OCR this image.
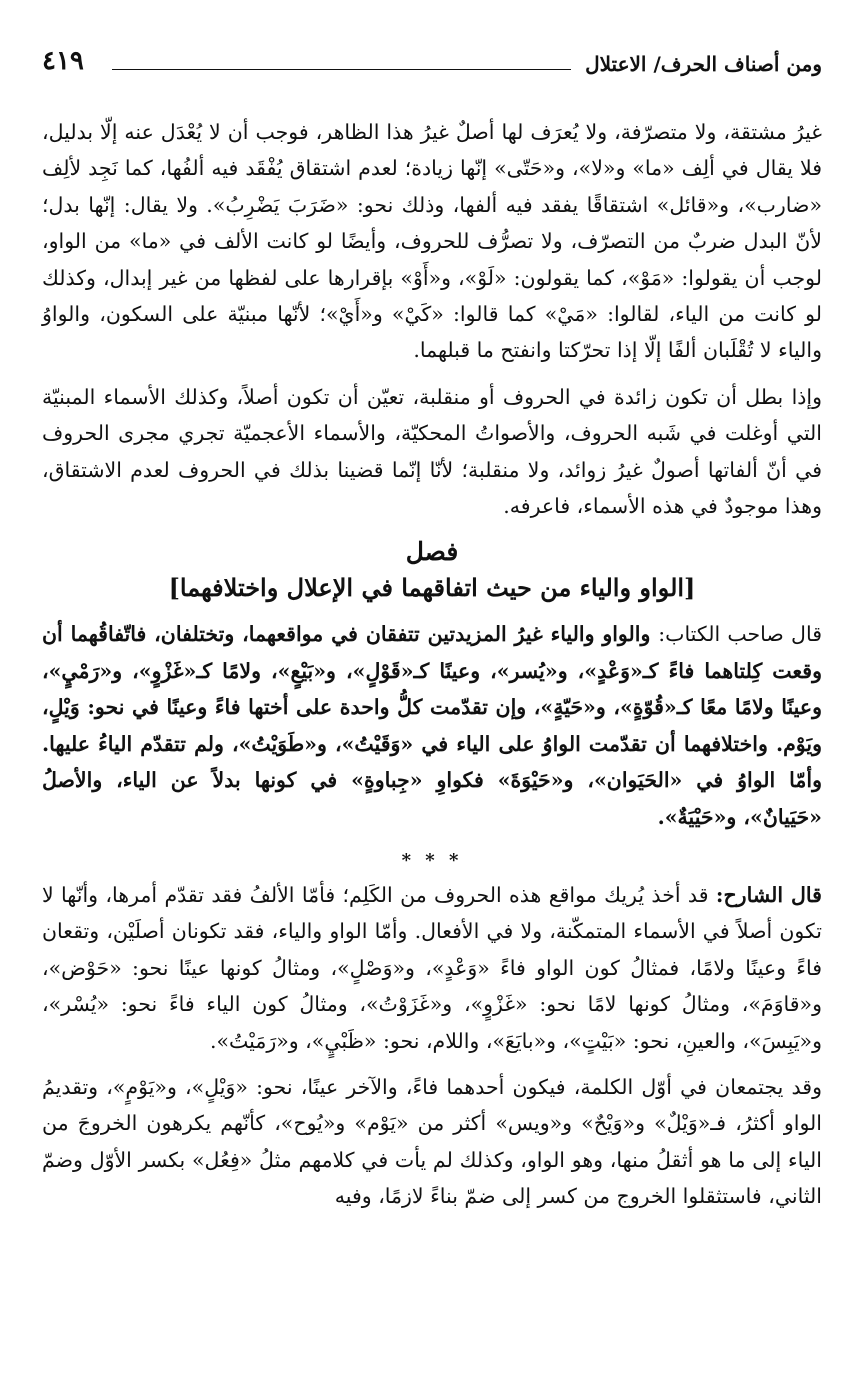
ومن أصناف الحرف/ الاعتلال
٤١٩

غيرُ مشتقة، ولا متصرّفة، ولا يُعرَف لها أصلٌ غيرُ هذا الظاهر، فوجب أن لا يُعْدَل عنه إلّا بدليل، فلا يقال في ألِف «ما» و«لا»، و«حَتّى» إنّها زيادة؛ لعدم اشتقاق يُفْقَد فيه ألفُها، كما نَجِد لألِف «ضارب»، و«قائل» اشتقاقًا يفقد فيه ألفها، وذلك نحو: «ضَرَبَ يَضْرِبُ». ولا يقال: إنّها بدل؛ لأنّ البدل ضربٌ من التصرّف، ولا تصرُّف للحروف، وأيضًا لو كانت الألف في «ما» من الواو، لوجب أن يقولوا: «مَوْ»، كما يقولون: «لَوْ»، و«أَوْ» بإقرارها على لفظها من غير إبدال، وكذلك لو كانت من الياء، لقالوا: «مَيْ» كما قالوا: «كَيْ» و«أَيْ»؛ لأنّها مبنيّة على السكون، والواوُ والياء لا تُقْلَبان ألفًا إلّا إذا تحرّكتا وانفتح ما قبلهما.

وإذا بطل أن تكون زائدة في الحروف أو منقلبة، تعيّن أن تكون أصلاً، وكذلك الأسماء المبنيّة التي أوغلت في شَبه الحروف، والأصواتُ المحكيّة، والأسماء الأعجميّة تجري مجرى الحروف في أنّ ألفاتها أصولٌ غيرُ زوائد، ولا منقلبة؛ لأنّا إنّما قضينا بذلك في الحروف لعدم الاشتقاق، وهذا موجودٌ في هذه الأسماء، فاعرفه.

فصل
[الواو والياء من حيث اتفاقهما في الإعلال واختلافهما]

قال صاحب الكتاب: والواو والياء غيرُ المزيدتين تتفقان في مواقعهما، وتختلفان، فاتّفاقُهما أن وقعت كِلتاهما فاءً كـ«وَعْدٍ»، و«يُسر»، وعينًا كـ«قَوْلٍ»، و«بَيْعٍ»، ولامًا كـ«غَزْوٍ»، و«رَمْيٍ»، وعينًا ولامًا معًا كـ«قُوّةٍ»، و«حَيّةٍ»، وإن تقدّمت كلُّ واحدة على أختها فاءً وعينًا في نحو: وَيْلٍ، ويَوْم. واختلافهما أن تقدّمت الواوُ على الياء في «وَقَيْتُ»، و«طَوَيْتُ»، ولم تتقدّم الياءُ عليها. وأمّا الواوُ في «الحَيَوان»، و«حَيْوَةَ» فكواوِ «جِباوةٍ» في كونها بدلاً عن الياء، والأصلُ «حَيَيانٌ»، و«حَيْيَةٌ».

* * *

قال الشارح: قد أخذ يُريك مواقع هذه الحروف من الكَلِم؛ فأمّا الألفُ فقد تقدّم أمرها، وأنّها لا تكون أصلاً في الأسماء المتمكّنة، ولا في الأفعال. وأمّا الواو والياء، فقد تكونان أصلَيْن، وتقعان فاءً وعينًا ولامًا، فمثالُ كون الواو فاءً «وَعْدٍ»، و«وَصْلٍ»، ومثالُ كونها عينًا نحو: «حَوْض»، و«قاوَمَ»، ومثالُ كونها لامًا نحو: «غَزْوٍ»، و«غَزَوْتُ»، ومثالُ كون الياء فاءً نحو: «يُسْر»، و«يَبِسَ»، والعينِ، نحو: «بَيْتٍ»، و«بايَعَ»، واللام، نحو: «ظَبْيٍ»، و«رَمَيْتُ».

وقد يجتمعان في أوّل الكلمة، فيكون أحدهما فاءً، والآخر عينًا، نحو: «وَيْلٍ»، و«يَوْمٍ»، وتقديمُ الواو أكثرُ، فـ«وَيْلٌ» و«وَيْحٌ» و«ويس» أكثر من «يَوْم» و«يُوح»، كأنّهم يكرهون الخروجَ من الياء إلى ما هو أثقلُ منها، وهو الواو، وكذلك لم يأت في كلامهم مثلُ «فِعُل» بكسر الأوّل وضمّ الثاني، فاستثقلوا الخروج من كسر إلى ضمّ بناءً لازمًا، وفيه
